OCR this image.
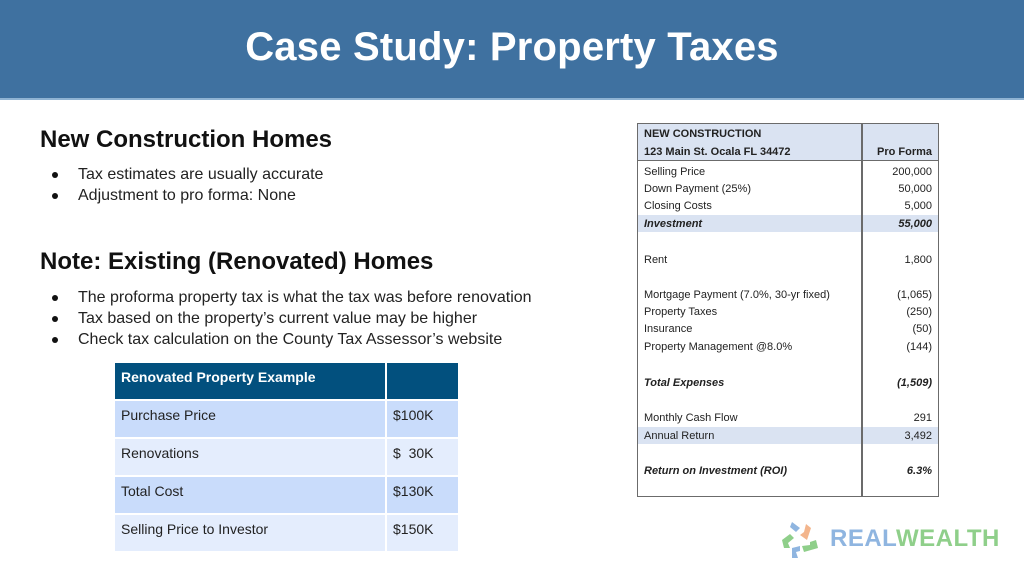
Case Study: Property Taxes
New Construction Homes
Tax estimates are usually accurate
Adjustment to pro forma: None
Note: Existing (Renovated) Homes
The proforma property tax is what the tax was before renovation
Tax based on the property’s current value may be higher
Check tax calculation on the County Tax Assessor’s website
Renovated Property Example	
Purchase Price	$100K
Renovations	$  30K
Total Cost	$130K
Selling Price to Investor	$150K
NEW CONSTRUCTION
123 Main St. Ocala FL 34472	Pro Forma
Selling Price	200,000
Down Payment (25%)	50,000
Closing Costs	5,000
Investment	55,000
Rent	1,800
Mortgage Payment (7.0%, 30-yr fixed)	(1,065)
Property Taxes	(250)
Insurance	(50)
Property Management @8.0%	(144)
Total Expenses	(1,509)
Monthly Cash Flow	291
Annual Return	3,492
Return on Investment (ROI)	6.3%
REALWEALTH
